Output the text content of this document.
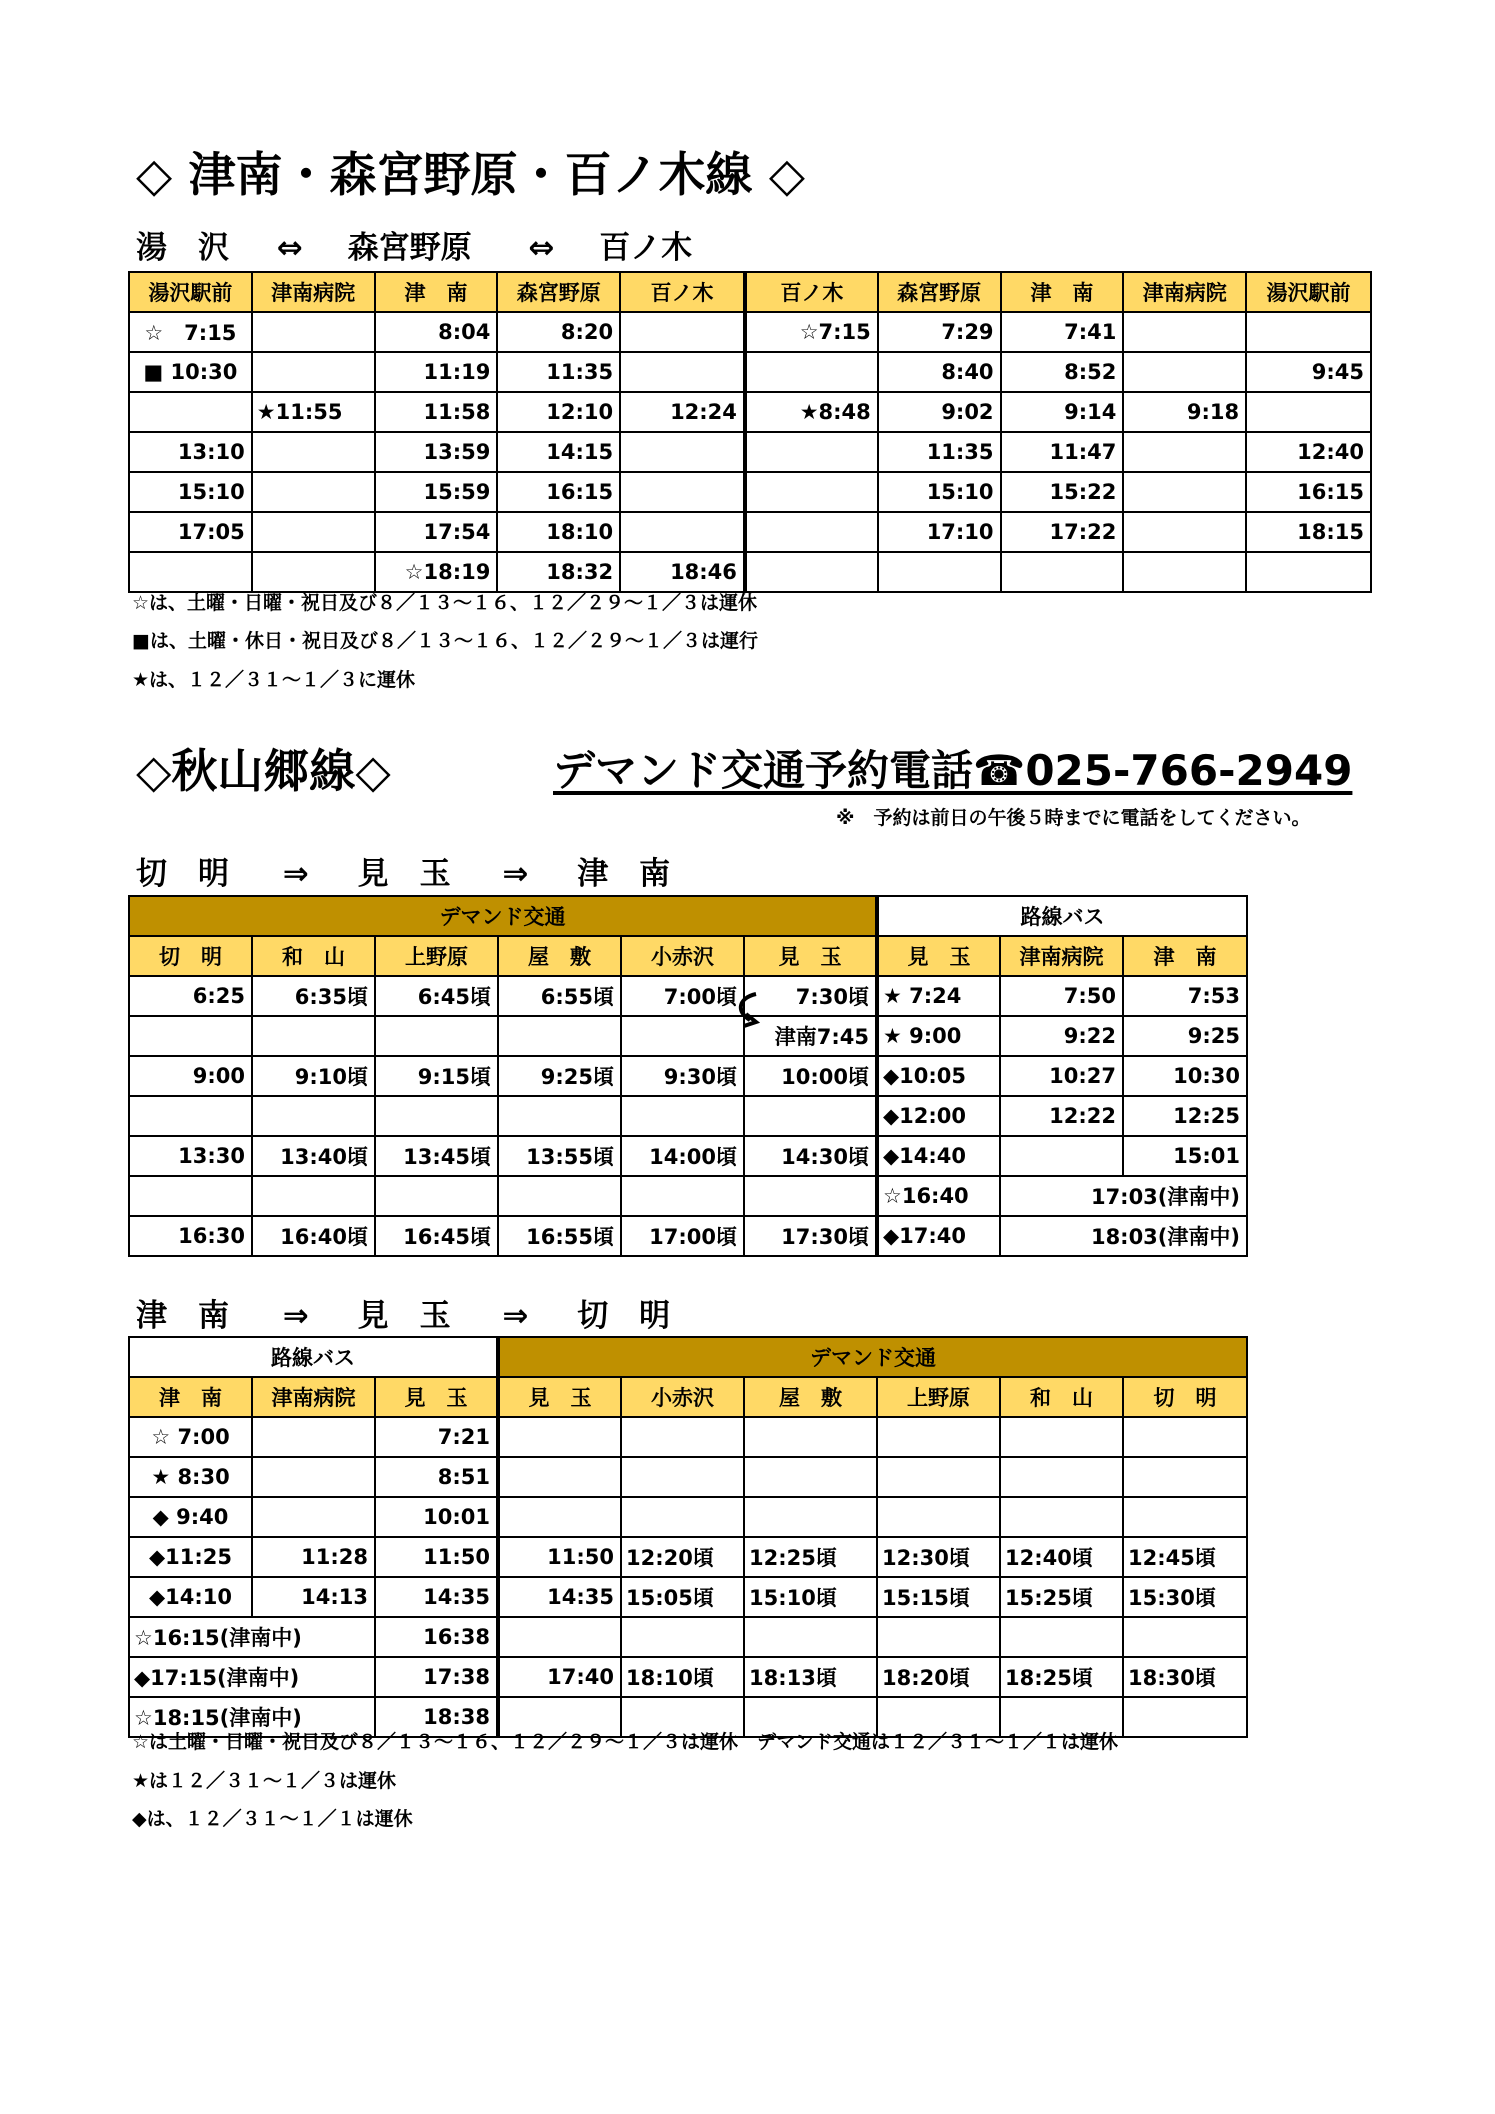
◇ 津南・森宮野原・百ノ木線 ◇
湯　沢 ⇔ 森宮野原 ⇔ 百ノ木
湯沢駅前	津南病院	津　南	森宮野原	百ノ木	百ノ木	森宮野原	津　南	津南病院	湯沢駅前
☆　7:15		8:04	8:20		☆7:15	7:29	7:41		
■ 10:30		11:19	11:35			8:40	8:52		9:45
	★11:55	11:58	12:10	12:24	★8:48	9:02	9:14	9:18	
13:10		13:59	14:15			11:35	11:47		12:40
15:10		15:59	16:15			15:10	15:22		16:15
17:05		17:54	18:10			17:10	17:22		18:15
		☆18:19	18:32	18:46					
☆は、土曜・日曜・祝日及び８／１３～１６、１２／２９～１／３は運休
■は、土曜・休日・祝日及び８／１３～１６、１２／２９～１／３は運行
★は、１２／３１～１／３に運休
◇秋山郷線◇	デマンド交通予約電話☎025-766-2949
※　予約は前日の午後５時までに電話をしてください。
切　明 ⇒ 見　玉 ⇒ 津　南
デマンド交通						路線バス		
切　明	和　山	上野原	屋　敷	小赤沢	見　玉	見　玉	津南病院	津　南
6:25	6:35頃	6:45頃	6:55頃	7:00頃	7:30頃	★ 7:24	7:50	7:53
					津南7:45	★ 9:00	9:22	9:25
9:00	9:10頃	9:15頃	9:25頃	9:30頃	10:00頃	◆10:05	10:27	10:30
						◆12:00	12:22	12:25
13:30	13:40頃	13:45頃	13:55頃	14:00頃	14:30頃	◆14:40		15:01
						☆16:40	17:03(津南中)	
16:30	16:40頃	16:45頃	16:55頃	17:00頃	17:30頃	◆17:40	18:03(津南中)	
津　南 ⇒ 見　玉 ⇒ 切　明
路線バス			デマンド交通					
津　南	津南病院	見　玉	見　玉	小赤沢	屋　敷	上野原	和　山	切　明
☆ 7:00		7:21						
★ 8:30		8:51						
◆ 9:40		10:01						
◆11:25	11:28	11:50	11:50	12:20頃	12:25頃	12:30頃	12:40頃	12:45頃
◆14:10	14:13	14:35	14:35	15:05頃	15:10頃	15:15頃	15:25頃	15:30頃
☆16:15(津南中)		16:38						
◆17:15(津南中)		17:38	17:40	18:10頃	18:13頃	18:20頃	18:25頃	18:30頃
☆18:15(津南中)		18:38						
☆は土曜・日曜・祝日及び８／１３～１６、１２／２９～１／３は運休　デマンド交通は１２／３１～１／１は運休
★は１２／３１～１／３は運休
◆は、１２／３１～１／１は運休
